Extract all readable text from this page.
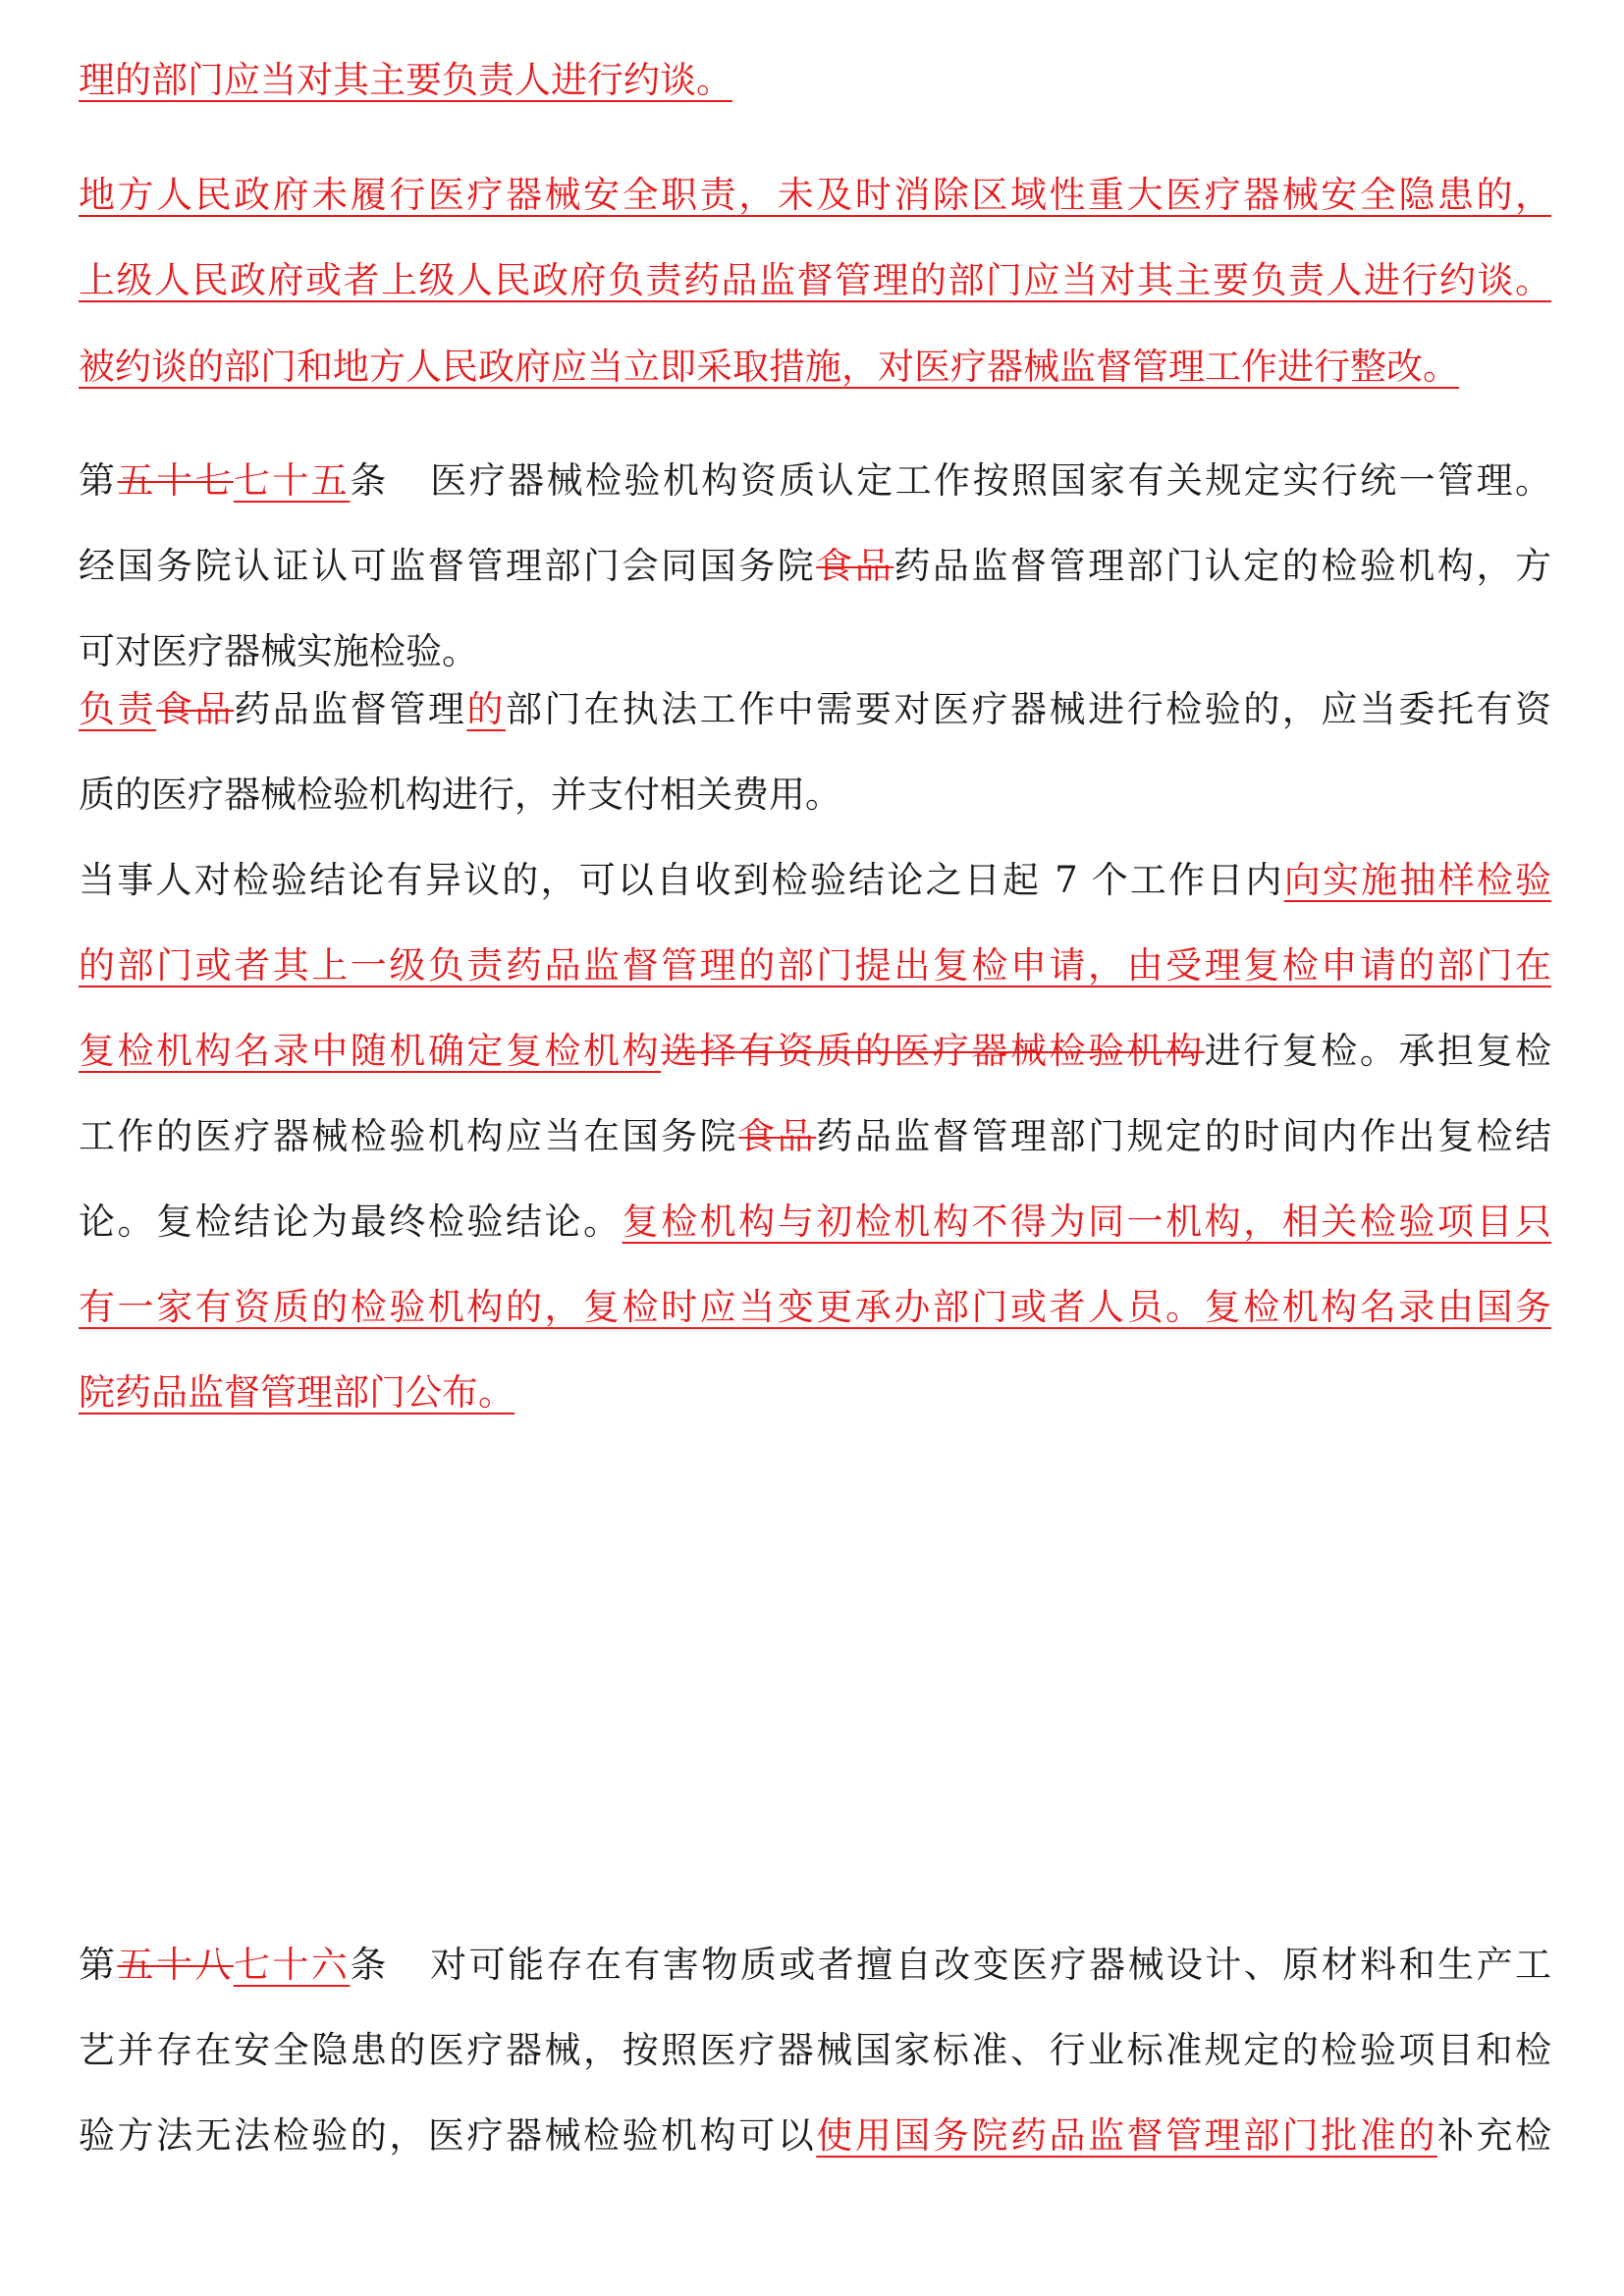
理的部门应当对其主要负责人进行约谈。
地方人民政府未履行医疗器械安全职责，未及时消除区域性重大医疗器械安全隐患的，
上级人民政府或者上级人民政府负责药品监督管理的部门应当对其主要负责人进行约谈。
被约谈的部门和地方人民政府应当立即采取措施，对医疗器械监督管理工作进行整改。
第五十七七十五条 医疗器械检验机构资质认定工作按照国家有关规定实行统一管理。
经国务院认证认可监督管理部门会同国务院食品药品监督管理部门认定的检验机构，方
可对医疗器械实施检验。
负责食品药品监督管理的部门在执法工作中需要对医疗器械进行检验的，应当委托有资
质的医疗器械检验机构进行，并支付相关费用。
当事人对检验结论有异议的，可以自收到检验结论之日起 7 个工作日内向实施抽样检验
的部门或者其上一级负责药品监督管理的部门提出复检申请，由受理复检申请的部门在
复检机构名录中随机确定复检机构选择有资质的医疗器械检验机构进行复检。承担复检
工作的医疗器械检验机构应当在国务院食品药品监督管理部门规定的时间内作出复检结
论。复检结论为最终检验结论。复检机构与初检机构不得为同一机构，相关检验项目只
有一家有资质的检验机构的，复检时应当变更承办部门或者人员。复检机构名录由国务
院药品监督管理部门公布。
第五十八七十六条 对可能存在有害物质或者擅自改变医疗器械设计、原材料和生产工
艺并存在安全隐患的医疗器械，按照医疗器械国家标准、行业标准规定的检验项目和检
验方法无法检验的，医疗器械检验机构可以使用国务院药品监督管理部门批准的补充检
